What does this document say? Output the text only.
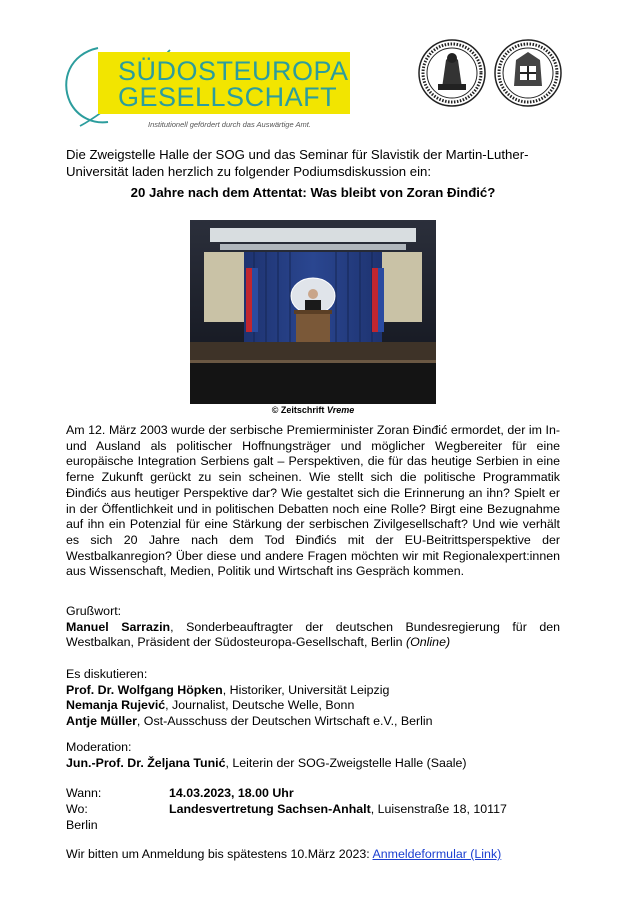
SÜDOSTEUROPA
GESELLSCHAFT
Institutionell gefördert durch das Auswärtige Amt.
Die Zweigstelle Halle der SOG und das Seminar für Slavistik der Martin-Luther-Universität laden herzlich zu folgender Podiumsdiskussion ein:
20 Jahre nach dem Attentat: Was bleibt von Zoran Đinđić?
© Zeitschrift Vreme
Am 12. März 2003 wurde der serbische Premierminister Zoran Đinđić ermordet, der im In- und Ausland als politischer Hoffnungsträger und möglicher Wegbereiter für eine europäische Integration Serbiens galt – Perspektiven, die für das heutige Serbien in eine ferne Zukunft gerückt zu sein scheinen. Wie stellt sich die politische Programmatik Đinđićs aus heutiger Perspektive dar? Wie gestaltet sich die Erinnerung an ihn? Spielt er in der Öffentlichkeit und in politischen Debatten noch eine Rolle? Birgt eine Bezugnahme auf ihn ein Potenzial für eine Stärkung der serbischen Zivilgesellschaft? Und wie verhält es sich 20 Jahre nach dem Tod Đinđićs mit der EU-Beitrittsperspektive der Westbalkanregion? Über diese und andere Fragen möchten wir mit Regionalexpert:innen aus Wissenschaft, Medien, Politik und Wirtschaft ins Gespräch kommen.
Grußwort:
Manuel Sarrazin, Sonderbeauftragter der deutschen Bundesregierung für den Westbalkan, Präsident der Südosteuropa-Gesellschaft, Berlin (Online)
Es diskutieren:
Prof. Dr. Wolfgang Höpken, Historiker, Universität Leipzig
Nemanja Rujević, Journalist, Deutsche Welle, Bonn
Antje Müller, Ost-Ausschuss der Deutschen Wirtschaft e.V., Berlin
Moderation:
Jun.-Prof. Dr. Željana Tunić, Leiterin der SOG-Zweigstelle Halle (Saale)
Wann:	14.03.2023, 18.00 Uhr
Wo:	Landesvertretung Sachsen-Anhalt, Luisenstraße 18, 10117
Berlin
Wir bitten um Anmeldung bis spätestens 10.März 2023: Anmeldeformular (Link)
